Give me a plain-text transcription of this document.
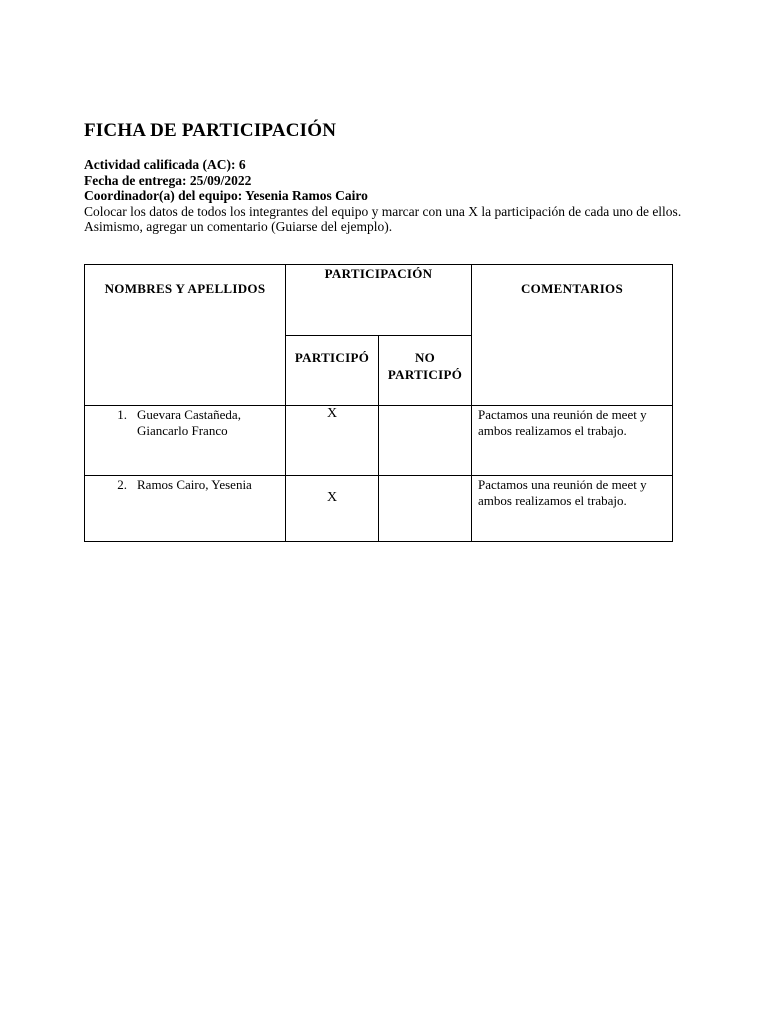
FICHA DE PARTICIPACIÓN
Actividad calificada (AC): 6
Fecha de entrega: 25/09/2022
Coordinador(a) del equipo: Yesenia Ramos Cairo
Colocar los datos de todos los integrantes del equipo y marcar con una X la participación de cada uno de ellos. Asimismo, agregar un comentario (Guiarse del ejemplo).
NOMBRES Y APELLIDOS	PARTICIPACIÓN		COMENTARIOS

	PARTICIPÓ	NO PARTICIPÓ	

1. Guevara Castañeda, Giancarlo Franco	X		Pactamos una reunión de meet y ambos realizamos el trabajo.

2. Ramos Cairo, Yesenia	X		Pactamos una reunión de meet y ambos realizamos el trabajo.
